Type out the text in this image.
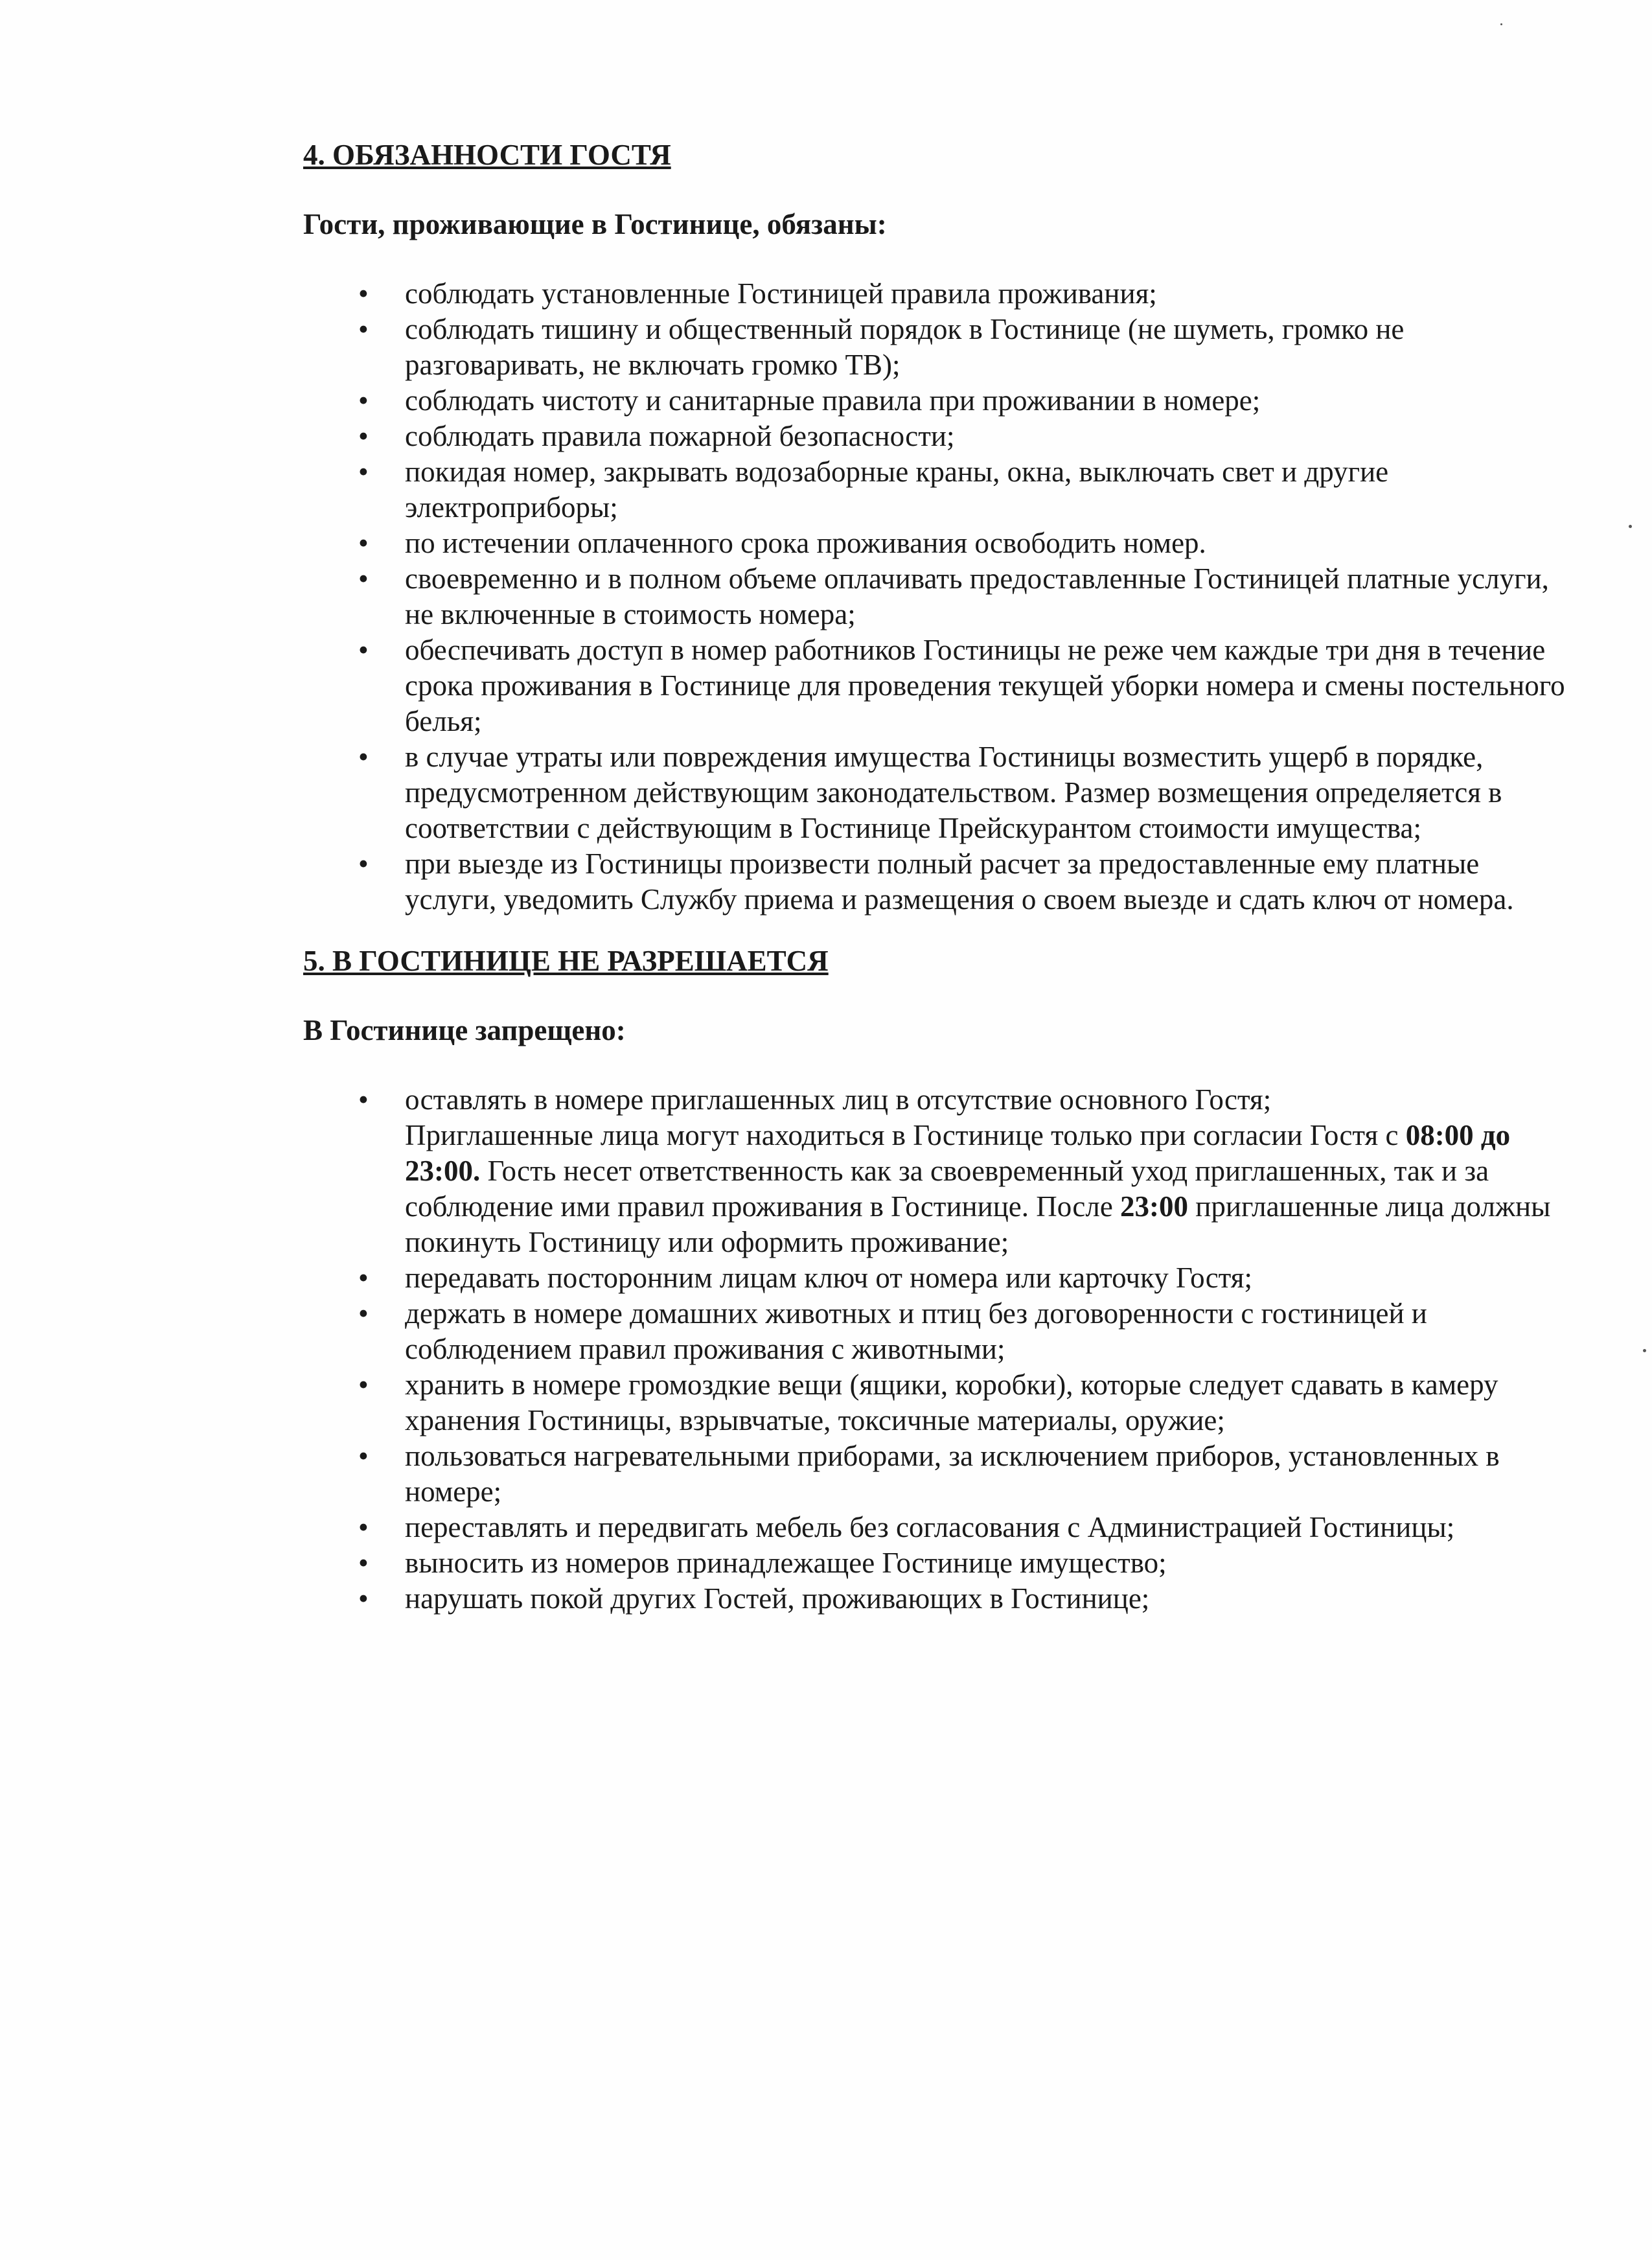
4. ОБЯЗАННОСТИ ГОСТЯ

Гости, проживающие в Гостинице, обязаны:

• соблюдать установленные Гостиницей правила проживания;
• соблюдать тишину и общественный порядок в Гостинице (не шуметь, громко не разговаривать, не включать громко ТВ);
• соблюдать чистоту и санитарные правила при проживании в номере;
• соблюдать правила пожарной безопасности;
• покидая номер, закрывать водозаборные краны, окна, выключать свет и другие электроприборы;
• по истечении оплаченного срока проживания освободить номер.
• своевременно и в полном объеме оплачивать предоставленные Гостиницей платные услуги, не включенные в стоимость номера;
• обеспечивать доступ в номер работников Гостиницы не реже чем каждые три дня в течение срока проживания в Гостинице для проведения текущей уборки номера и смены постельного белья;
• в случае утраты или повреждения имущества Гостиницы возместить ущерб в порядке, предусмотренном действующим законодательством. Размер возмещения определяется в соответствии с действующим в Гостинице Прейскурантом стоимости имущества;
• при выезде из Гостиницы произвести полный расчет за предоставленные ему платные услуги, уведомить Службу приема и размещения о своем выезде и сдать ключ от номера.
5. В ГОСТИНИЦЕ НЕ РАЗРЕШАЕТСЯ

В Гостинице запрещено:

• оставлять в номере приглашенных лиц в отсутствие основного Гостя;
Приглашенные лица могут находиться в Гостинице только при согласии Гостя с 08:00 до 23:00. Гость несет ответственность как за своевременный уход приглашенных, так и за соблюдение ими правил проживания в Гостинице. После 23:00 приглашенные лица должны покинуть Гостиницу или оформить проживание;
• передавать посторонним лицам ключ от номера или карточку Гостя;
• держать в номере домашних животных и птиц без договоренности с гостиницей и соблюдением правил проживания с животными;
• хранить в номере громоздкие вещи (ящики, коробки), которые следует сдавать в камеру хранения Гостиницы, взрывчатые, токсичные материалы, оружие;
• пользоваться нагревательными приборами, за исключением приборов, установленных в номере;
• переставлять и передвигать мебель без согласования с Администрацией Гостиницы;
• выносить из номеров принадлежащее Гостинице имущество;
• нарушать покой других Гостей, проживающих в Гостинице;
